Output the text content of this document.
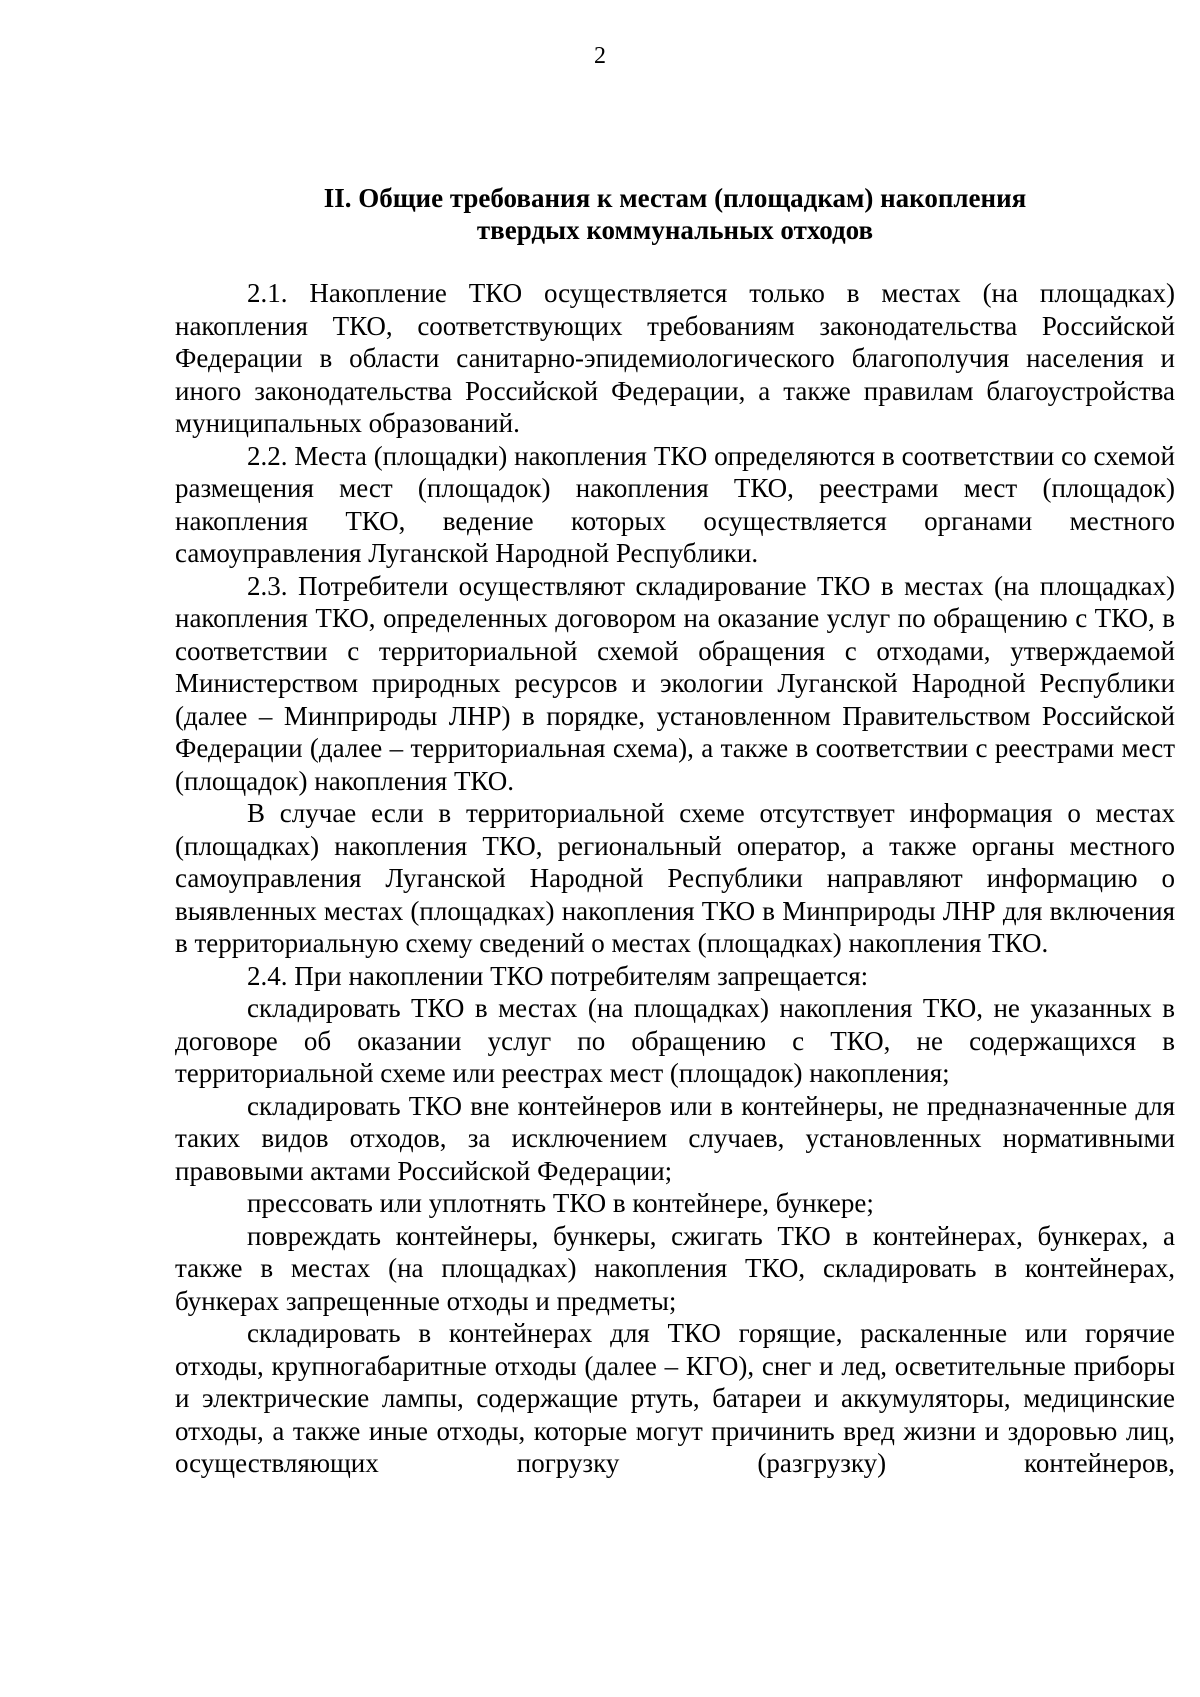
2
II. Общие требования к местам (площадкам) накопления
твердых коммунальных отходов

2.1. Накопление ТКО осуществляется только в местах (на площадках) накопления ТКО, соответствующих требованиям законодательства Российской Федерации в области санитарно-эпидемиологического благополучия населения и иного законодательства Российской Федерации, а также правилам благоустройства муниципальных образований.

2.2. Места (площадки) накопления ТКО определяются в соответствии со схемой размещения мест (площадок) накопления ТКО, реестрами мест (площадок) накопления ТКО, ведение которых осуществляется органами местного самоуправления Луганской Народной Республики.

2.3. Потребители осуществляют складирование ТКО в местах (на площадках) накопления ТКО, определенных договором на оказание услуг по обращению с ТКО, в соответствии с территориальной схемой обращения с отходами, утверждаемой Министерством природных ресурсов и экологии Луганской Народной Республики (далее – Минприроды ЛНР) в порядке, установленном Правительством Российской Федерации (далее – территориальная схема), а также в соответствии с реестрами мест (площадок) накопления ТКО.

В случае если в территориальной схеме отсутствует информация о местах (площадках) накопления ТКО, региональный оператор, а также органы местного самоуправления Луганской Народной Республики направляют информацию о выявленных местах (площадках) накопления ТКО в Минприроды ЛНР для включения в территориальную схему сведений о местах (площадках) накопления ТКО.

2.4. При накоплении ТКО потребителям запрещается:

складировать ТКО в местах (на площадках) накопления ТКО, не указанных в договоре об оказании услуг по обращению с ТКО, не содержащихся в территориальной схеме или реестрах мест (площадок) накопления;

складировать ТКО вне контейнеров или в контейнеры, не предназначенные для таких видов отходов, за исключением случаев, установленных нормативными правовыми актами Российской Федерации;

прессовать или уплотнять ТКО в контейнере, бункере;

повреждать контейнеры, бункеры, сжигать ТКО в контейнерах, бункерах, а также в местах (на площадках) накопления ТКО, складировать в контейнерах, бункерах запрещенные отходы и предметы;

складировать в контейнерах для ТКО горящие, раскаленные или горячие отходы, крупногабаритные отходы (далее – КГО), снег и лед, осветительные приборы и электрические лампы, содержащие ртуть, батареи и аккумуляторы, медицинские отходы, а также иные отходы, которые могут причинить вред жизни и здоровью лиц, осуществляющих погрузку (разгрузку) контейнеров,
